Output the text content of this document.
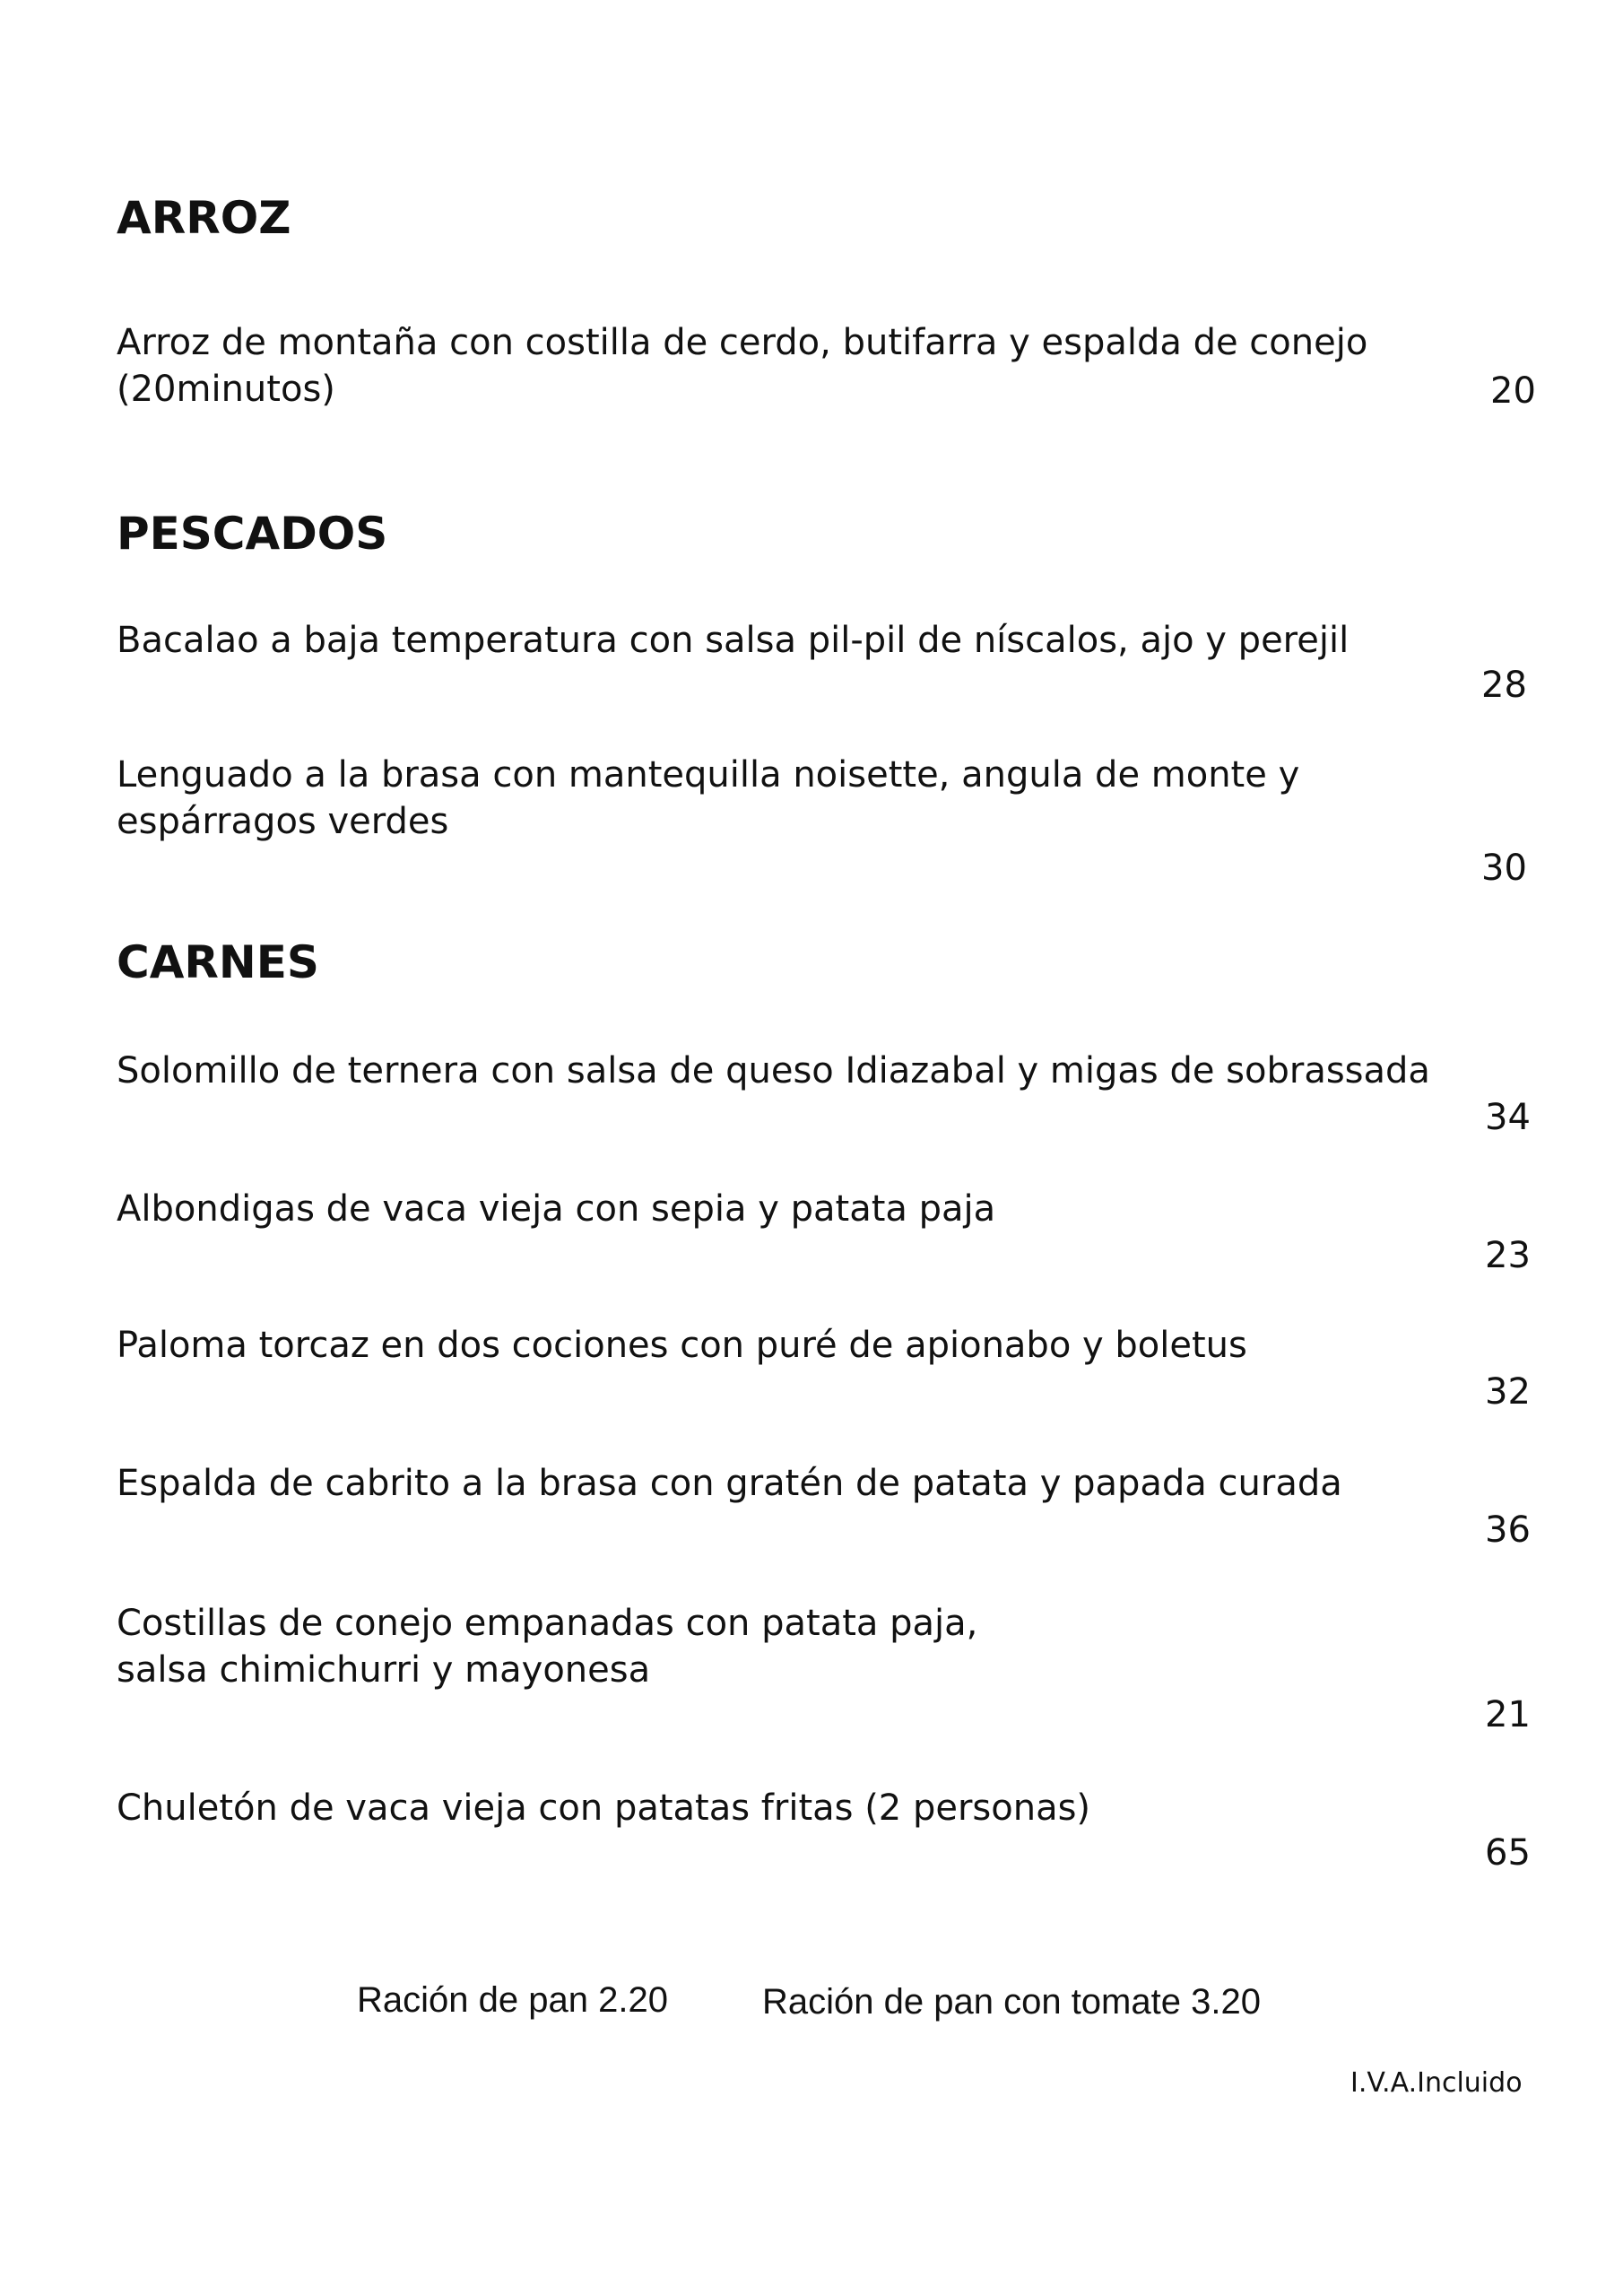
ARROZ

Arroz de montaña con costilla de cerdo, butifarra y espalda de conejo
(20minutos)	20

PESCADOS

Bacalao a baja temperatura con salsa pil-pil de níscalos, ajo y perejil

28

Lenguado a la brasa con mantequilla noisette, angula de monte y
espárragos verdes

30

CARNES

Solomillo de ternera con salsa de queso Idiazabal y migas de sobrassada

34

Albondigas de vaca vieja con sepia y patata paja

23

Paloma torcaz en dos cociones con puré de apionabo y boletus

32

Espalda de cabrito a la brasa con gratén de patata y papada curada

36

Costillas de conejo empanadas con patata paja,
salsa chimichurri y mayonesa

21

Chuletón de vaca vieja con patatas fritas (2 personas)

65

Ración de pan 2.20	Ración de pan con tomate 3.20

I.V.A.Incluido
